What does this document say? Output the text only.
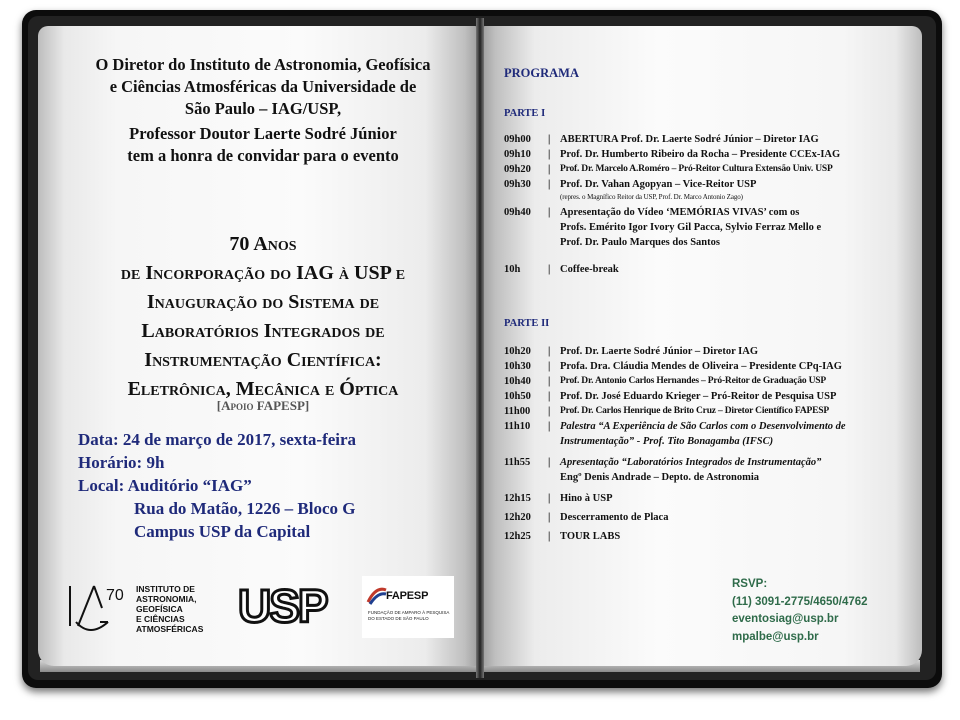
O Diretor do Instituto de Astronomia, Geofísica
e Ciências Atmosféricas da Universidade de
São Paulo – IAG/USP,
Professor Doutor Laerte Sodré Júnior
tem a honra de convidar para o evento
70 Anos
de Incorporação do IAG à USP e
Inauguração do Sistema de
Laboratórios Integrados de
Instrumentação Científica:
Eletrônica, Mecânica e Óptica
[Apoio FAPESP]
Data: 24 de março de 2017, sexta-feira
Horário: 9h
Local: Auditório “IAG”
Rua do Matão, 1226 – Bloco G
Campus USP da Capital
70 INSTITUTO DE
ASTRONOMIA,
GEOFÍSICA
E CIÊNCIAS
ATMOSFÉRICAS USP	FAPESP
FUNDAÇÃO DE AMPARO À PESQUISA DO ESTADO DE SÃO PAULO
PROGRAMA
PARTE I
09h00	| ABERTURA Prof. Dr. Laerte Sodré Júnior – Diretor IAG
09h10	| Prof. Dr. Humberto Ribeiro da Rocha – Presidente CCEx-IAG
09h20	|	Prof. Dr. Marcelo A.Roméro – Pró-Reitor Cultura Extensão Univ. USP
09h30	| Prof. Dr. Vahan Agopyan – Vice-Reitor USP
(repres. o Magnífico Reitor da USP, Prof. Dr. Marco Antonio Zago)
09h40	| Apresentação do Vídeo ‘MEMÓRIAS VIVAS’ com os
Profs. Emérito Igor Ivory Gil Pacca, Sylvio Ferraz Mello e
Prof. Dr. Paulo Marques dos Santos
10h	| Coffee-break
PARTE II
10h20	| Prof. Dr. Laerte Sodré Júnior – Diretor IAG
10h30	| Profa. Dra. Cláudia Mendes de Oliveira – Presidente CPq-IAG
10h40	|	Prof. Dr. Antonio Carlos Hernandes – Pró-Reitor de Graduação USP
10h50	| Prof. Dr. José Eduardo Krieger – Pró-Reitor de Pesquisa USP
11h00	|	Prof. Dr. Carlos Henrique de Brito Cruz – Diretor Científico FAPESP
11h10	| Palestra “A Experiência de São Carlos com o Desenvolvimento de
Instrumentação” - Prof. Tito Bonagamba (IFSC)
11h55	| Apresentação “Laboratórios Integrados de Instrumentação”
Engº Denis Andrade – Depto. de Astronomia
12h15	| Hino à USP
12h20	| Descerramento de Placa
12h25	| TOUR LABS
RSVP:
(11) 3091-2775/4650/4762
eventosiag@usp.br
mpalbe@usp.br
